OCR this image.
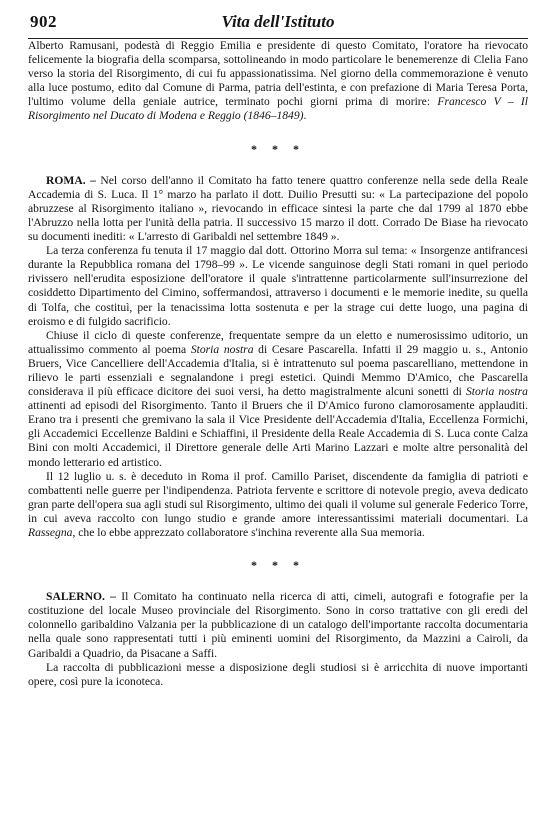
902	Vita dell'Istituto

Alberto Ramusani, podestà di Reggio Emilia e presidente di questo Comitato, l'oratore ha rievocato felicemente la biografia della scomparsa, sottolineando in modo particolare le benemerenze di Clelia Fano verso la storia del Risorgimento, di cui fu appassionatissima. Nel giorno della commemorazione è venuto alla luce postumo, edito dal Comune di Parma, patria dell'estinta, e con prefazione di Maria Teresa Porta, l'ultimo volume della geniale autrice, terminato pochi giorni prima di morire: Francesco V – Il Risorgimento nel Ducato di Modena e Reggio (1846–1849).

* * *

ROMA. – Nel corso dell'anno il Comitato ha fatto tenere quattro conferenze nella sede della Reale Accademia di S. Luca. Il 1° marzo ha parlato il dott. Duilio Presutti su: « La partecipazione del popolo abruzzese al Risorgimento italiano », rievocando in efficace sintesi la parte che dal 1799 al 1870 ebbe l'Abruzzo nella lotta per l'unità della patria. Il successivo 15 marzo il dott. Corrado De Biase ha rievocato su documenti inediti: « L'arresto di Garibaldi nel settembre 1849 ».

La terza conferenza fu tenuta il 17 maggio dal dott. Ottorino Morra sul tema: « Insorgenze antifrancesi durante la Repubblica romana del 1798–99 ». Le vicende sanguinose degli Stati romani in quel periodo rivissero nell'erudita esposizione dell'oratore il quale s'intrattenne particolarmente sull'insurrezione del cosiddetto Dipartimento del Cimino, soffermandosi, attraverso i documenti e le memorie inedite, su quella di Tolfa, che costituì, per la tenacissima lotta sostenuta e per la strage cui dette luogo, una pagina di eroismo e di fulgido sacrificio.

Chiuse il ciclo di queste conferenze, frequentate sempre da un eletto e numerosissimo uditorio, un attualissimo commento al poema Storia nostra di Cesare Pascarella. Infatti il 29 maggio u. s., Antonio Bruers, Vice Cancelliere dell'Accademia d'Italia, si è intrattenuto sul poema pascarelliano, mettendone in rilievo le parti essenziali e segnalandone i pregi estetici. Quindi Memmo D'Amico, che Pascarella considerava il più efficace dicitore dei suoi versi, ha detto magistralmente alcuni sonetti di Storia nostra attinenti ad episodi del Risorgimento. Tanto il Bruers che il D'Amico furono clamorosamente applauditi. Erano tra i presenti che gremivano la sala il Vice Presidente dell'Accademia d'Italia, Eccellenza Formichi, gli Accademici Eccellenze Baldini e Schiaffini, il Presidente della Reale Accademia di S. Luca conte Calza Bini con molti Accademici, il Direttore generale delle Arti Marino Lazzari e molte altre personalità del mondo letterario ed artistico.

Il 12 luglio u. s. è deceduto in Roma il prof. Camillo Pariset, discendente da famiglia di patrioti e combattenti nelle guerre per l'indipendenza. Patriota fervente e scrittore di notevole pregio, aveva dedicato gran parte dell'opera sua agli studi sul Risorgimento, ultimo dei quali il volume sul generale Federico Torre, in cui aveva raccolto con lungo studio e grande amore interessantissimi materiali documentari. La Rassegna, che lo ebbe apprezzato collaboratore s'inchina reverente alla Sua memoria.

* * *

SALERNO. – Il Comitato ha continuato nella ricerca di atti, cimeli, autografi e fotografie per la costituzione del locale Museo provinciale del Risorgimento. Sono in corso trattative con gli eredi del colonnello garibaldino Valzania per la pubblicazione di un catalogo dell'importante raccolta documentaria nella quale sono rappresentati tutti i più eminenti uomini del Risorgimento, da Mazzini a Cairoli, da Garibaldi a Quadrio, da Pisacane a Saffi.

La raccolta di pubblicazioni messe a disposizione degli studiosi si è arricchita di nuove importanti opere, così pure la iconoteca.
